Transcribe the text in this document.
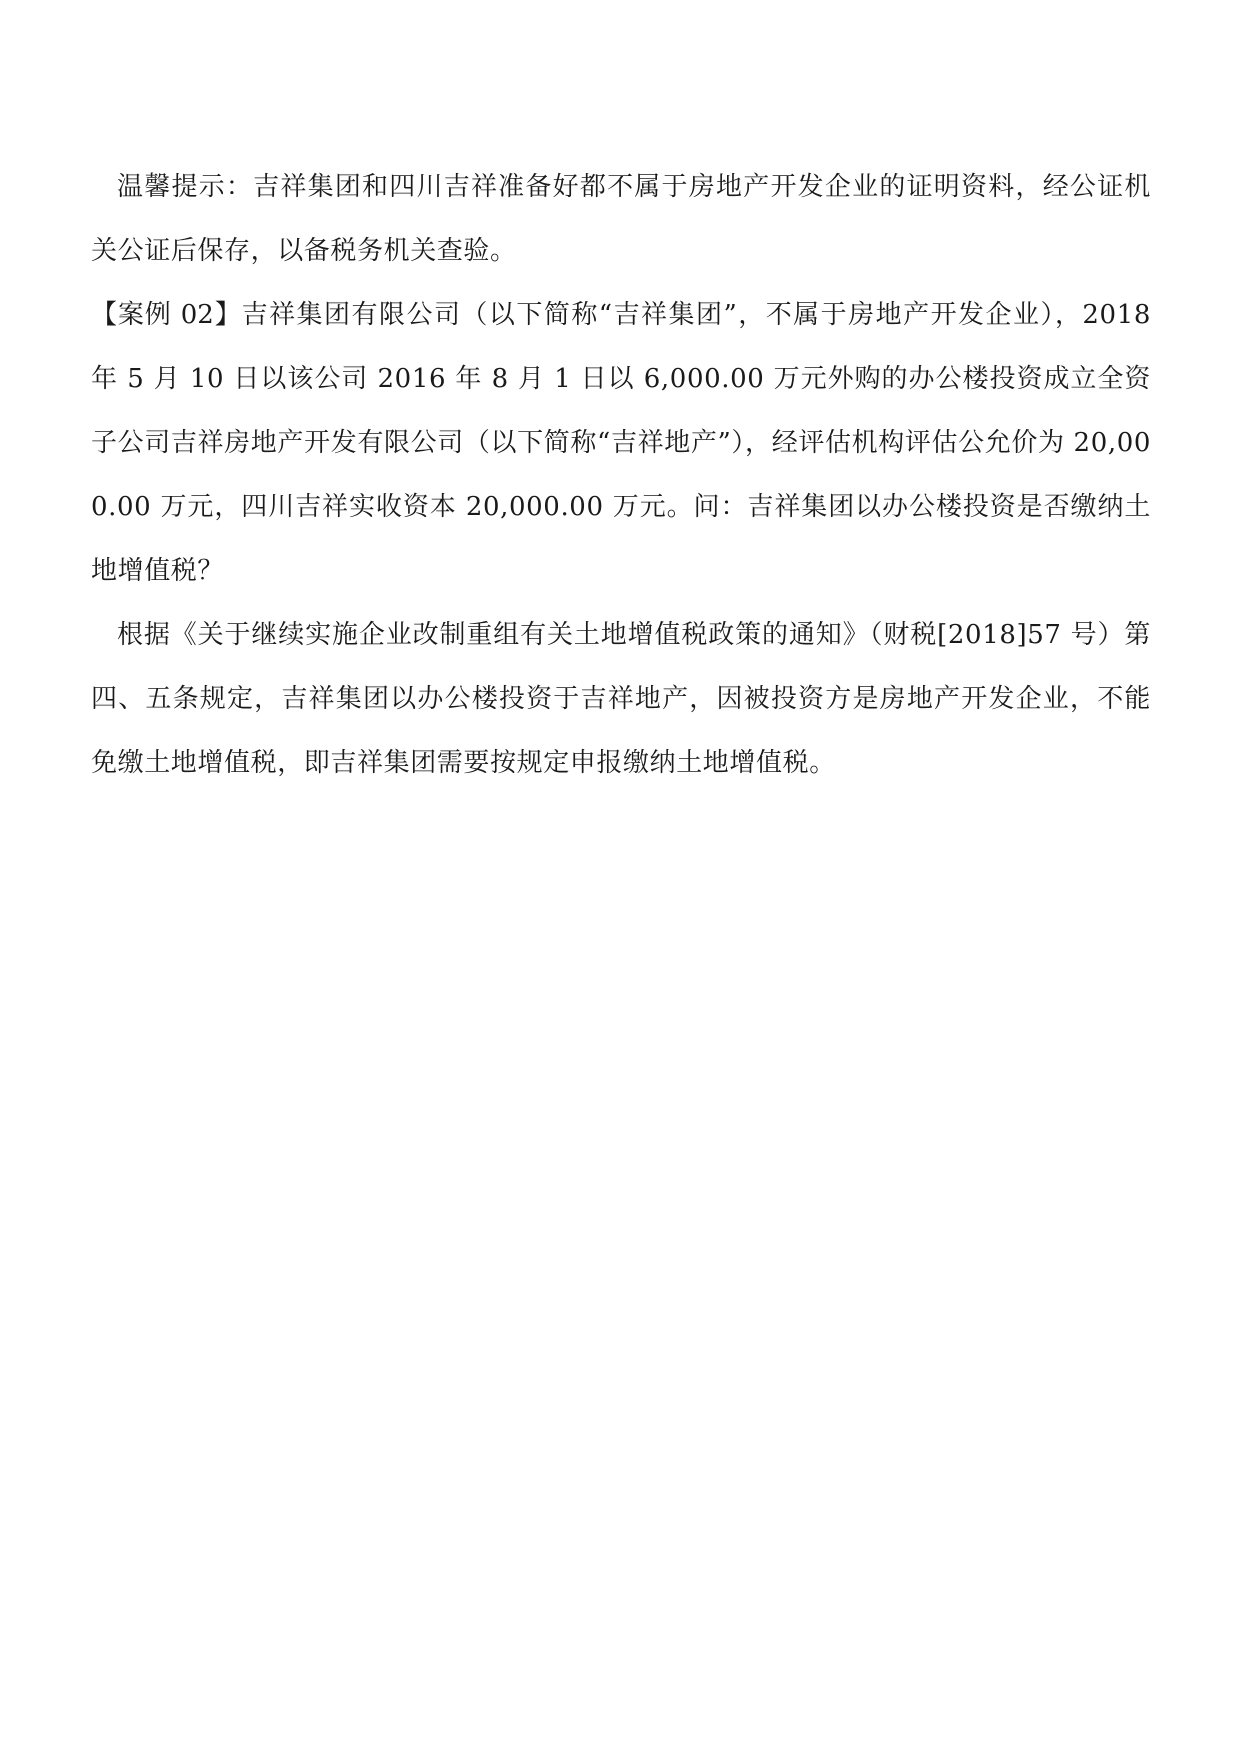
温馨提示：吉祥集团和四川吉祥准备好都不属于房地产开发企业的证明资料，经公证机关公证后保存，以备税务机关查验。

【案例 02】吉祥集团有限公司（以下简称“吉祥集团”，不属于房地产开发企业），2018 年 5 月 10 日以该公司 2016 年 8 月 1 日以 6,000.00 万元外购的办公楼投资成立全资子公司吉祥房地产开发有限公司（以下简称“吉祥地产”），经评估机构评估公允价为 20,000.00 万元，四川吉祥实收资本 20,000.00 万元。问：吉祥集团以办公楼投资是否缴纳土地增值税？

根据《关于继续实施企业改制重组有关土地增值税政策的通知》（财税[2018]57 号）第四、五条规定，吉祥集团以办公楼投资于吉祥地产，因被投资方是房地产开发企业，不能免缴土地增值税，即吉祥集团需要按规定申报缴纳土地增值税。
